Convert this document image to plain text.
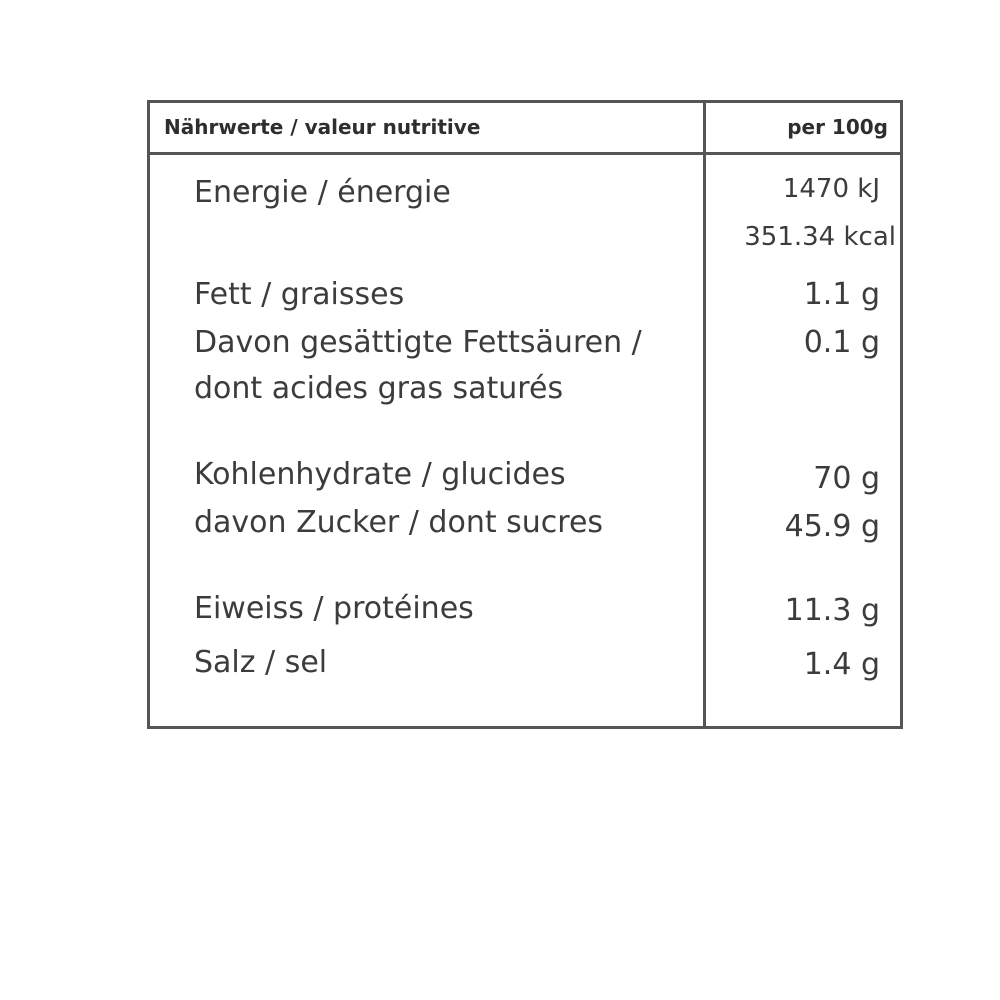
Nährwerte / valeur nutritive	per 100g
Energie / énergie	1470 kJ
351.34 kcal
Fett / graisses	1.1 g
Davon gesättigte Fettsäuren /	0.1 g
dont acides gras saturés
Kohlenhydrate / glucides	70 g
davon Zucker / dont sucres	45.9 g
Eiweiss / protéines	11.3 g
Salz / sel	1.4 g
